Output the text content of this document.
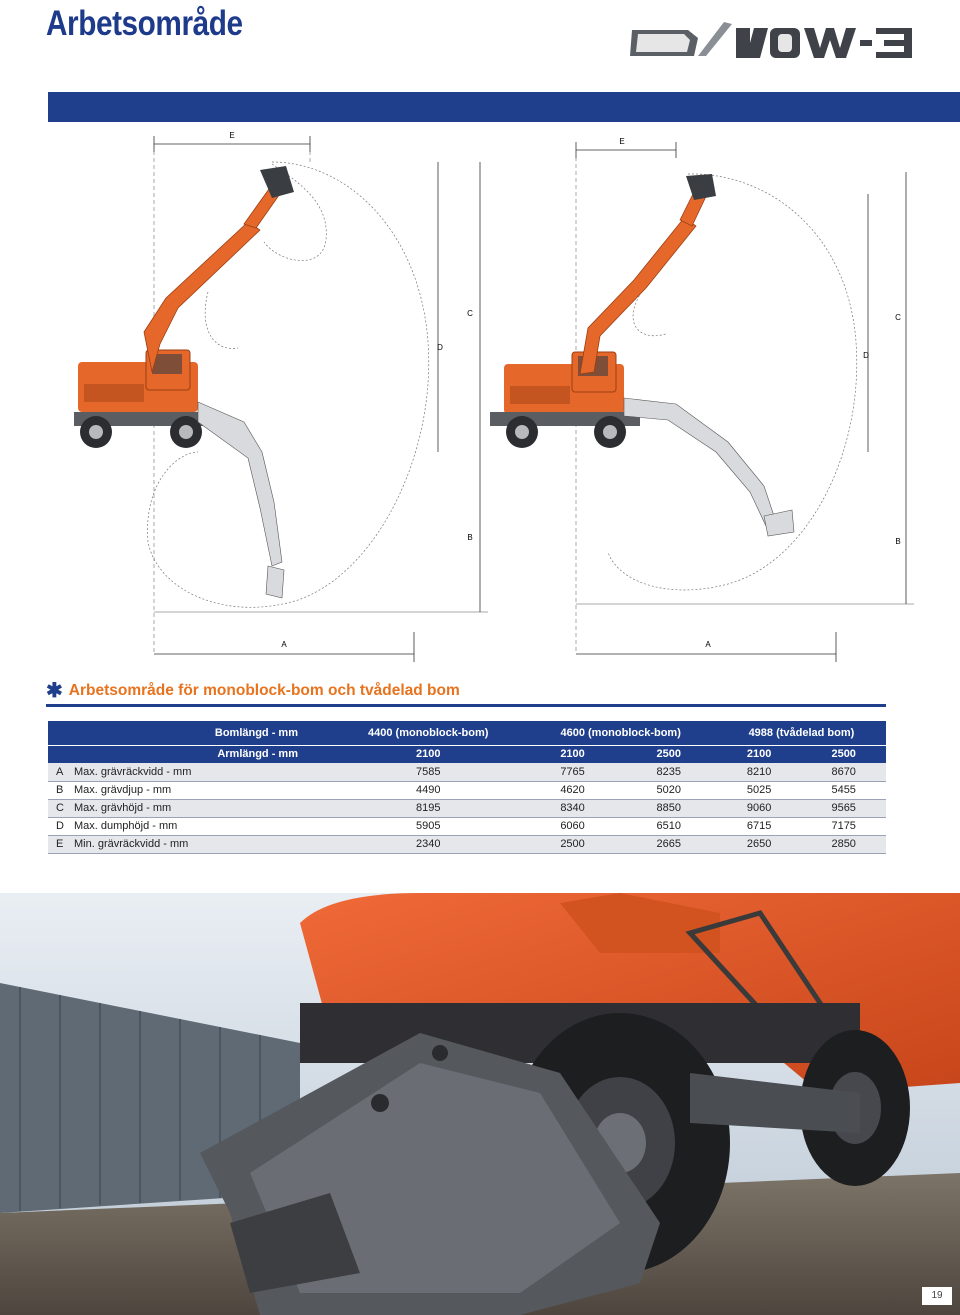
Arbetsområde
E
D
C
B
A
E
D
C
B
A
✱ Arbetsområde för monoblock-bom och tvådelad bom
Bomlängd - mm		4400 (monoblock-bom)	4600 (monoblock-bom)		4988 (tvådelad bom)	
Armlängd - mm		2100	2100	2500	2100	2500
A	Max. grävräckvidd - mm	7585	7765	8235	8210	8670
B	Max. grävdjup - mm	4490	4620	5020	5025	5455
C	Max. grävhöjd - mm	8195	8340	8850	9060	9565
D	Max. dumphöjd - mm	5905	6060	6510	6715	7175
E	Min. grävräckvidd - mm	2340	2500	2665	2650	2850
19
